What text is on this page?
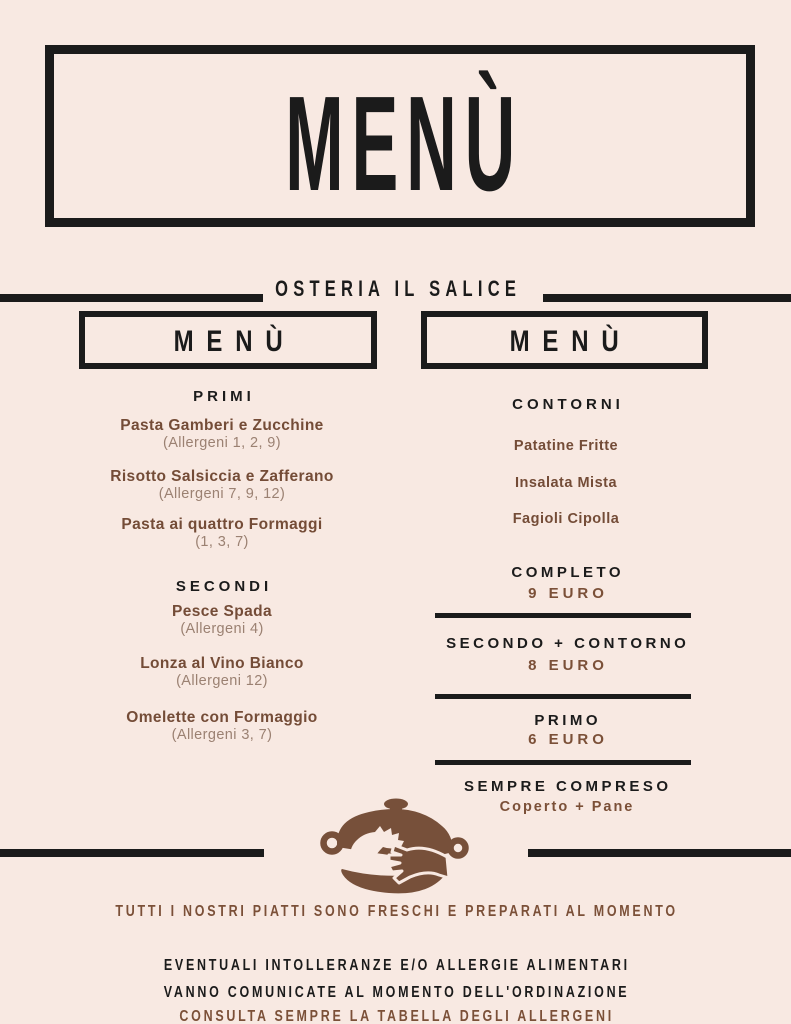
MENÙ
OSTERIA IL SALICE
MENÙ	MENÙ
PRIMI
Pasta Gamberi e Zucchine
(Allergeni 1, 2, 9)
Risotto Salsiccia e Zafferano
(Allergeni 7, 9, 12)
Pasta ai quattro Formaggi
(1, 3, 7)
SECONDI
Pesce Spada
(Allergeni 4)
Lonza al Vino Bianco
(Allergeni 12)
Omelette con Formaggio
(Allergeni 3, 7)
CONTORNI
Patatine Fritte
Insalata Mista
Fagioli Cipolla
COMPLETO
9 EURO
SECONDO + CONTORNO
8 EURO
PRIMO
6 EURO
SEMPRE COMPRESO
Coperto + Pane
TUTTI I NOSTRI PIATTI SONO FRESCHI E PREPARATI AL MOMENTO
EVENTUALI INTOLLERANZE E/O ALLERGIE ALIMENTARI
VANNO COMUNICATE AL MOMENTO DELL'ORDINAZIONE
CONSULTA SEMPRE LA TABELLA DEGLI ALLERGENI
